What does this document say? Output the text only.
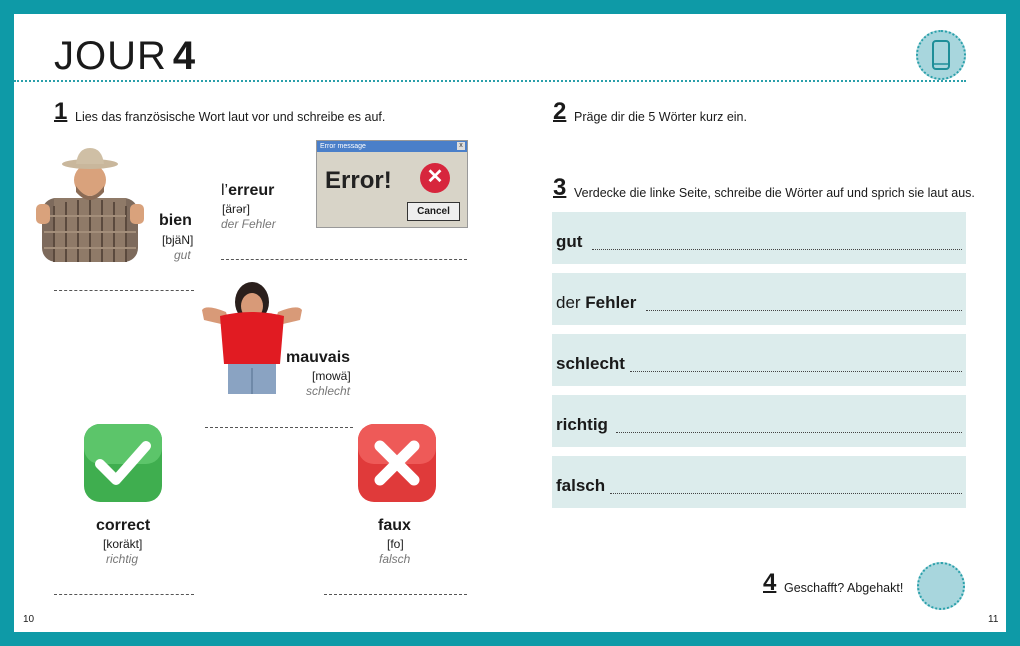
JOUR 4
1 Lies das französische Wort laut vor und schreibe es auf.
bien
[bjäN]
gut
l’erreur
[ärər]
der Fehler
Error message	x
Error!	✕
Cancel
mauvais
[mowä]
schlecht
correct
[koräkt]
richtig
faux
[fo]
falsch
2 Präge dir die 5 Wörter kurz ein.
3 Verdecke die linke Seite, schreibe die Wörter auf und sprich sie laut aus.
gut
der Fehler
schlecht
richtig
falsch
4 Geschafft? Abgehakt!
10	11
